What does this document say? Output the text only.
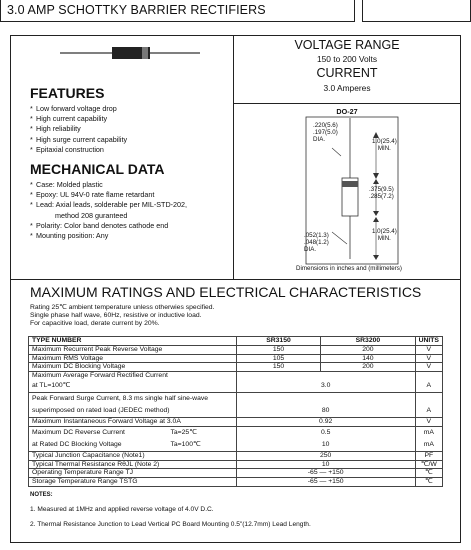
3.0 AMP SCHOTTKY BARRIER RECTIFIERS
FEATURES
* Low forward voltage drop
* High current capability
* High reliability
* High surge current capability
* Epitaxial construction
MECHANICAL DATA
* Case: Molded plastic
* Epoxy: UL 94V-0 rate flame retardant
* Lead: Axial leads, solderable per MIL-STD-202,
method 208 guranteed
* Polarity: Color band denotes cathode end
* Mounting position: Any
VOLTAGE RANGE
150 to 200 Volts
CURRENT
3.0 Amperes
DO-27
.220(5.6)
.197(5.0)
DIA.	1.0(25.4)
MIN.
.375(9.5)
.285(7.2)
.052(1.3)
.048(1.2)
DIA.
1.0(25.4)
MIN.
Dimensions in inches and (millimeters)
MAXIMUM RATINGS AND ELECTRICAL CHARACTERISTICS
Rating 25℃ ambient temperature unless otherwies specified.
Single phase half wave, 60Hz, resistive or inductive load.
For capacitive load, derate current by 20%.
TYPE NUMBER	SR3150	SR3200	UNITS
Maximum Recurrent Peak Reverse Voltage	150	200	V
Maximum RMS Voltage	105	140	V
Maximum DC Blocking Voltage	150	200	V
Maximum Average Forward Rectified Current			
at TL=100℃	3.0		A
Peak Forward Surge Current, 8.3 ms single half sine-wave			
superimposed on rated load (JEDEC method)	80		A
Maximum Instantaneous Forward Voltage at 3.0A	0.92		V
Maximum DC Reverse Current Ta=25℃	0.5		mA
at Rated DC Blocking Voltage Ta=100℃	10		mA
Typical Junction Capacitance (Note1)	250		PF
Typical Thermal Resistance RθJL (Note 2)	10		℃/W
Operating Temperature Range TJ	-65 — +150		℃
Storage Temperature Range TSTG	-65 — +150		℃
NOTES:
1. Measured at 1MHz and applied reverse voltage of 4.0V D.C.
2. Thermal Resistance Junction to Lead Vertical PC Board Mounting 0.5"(12.7mm) Lead Length.
